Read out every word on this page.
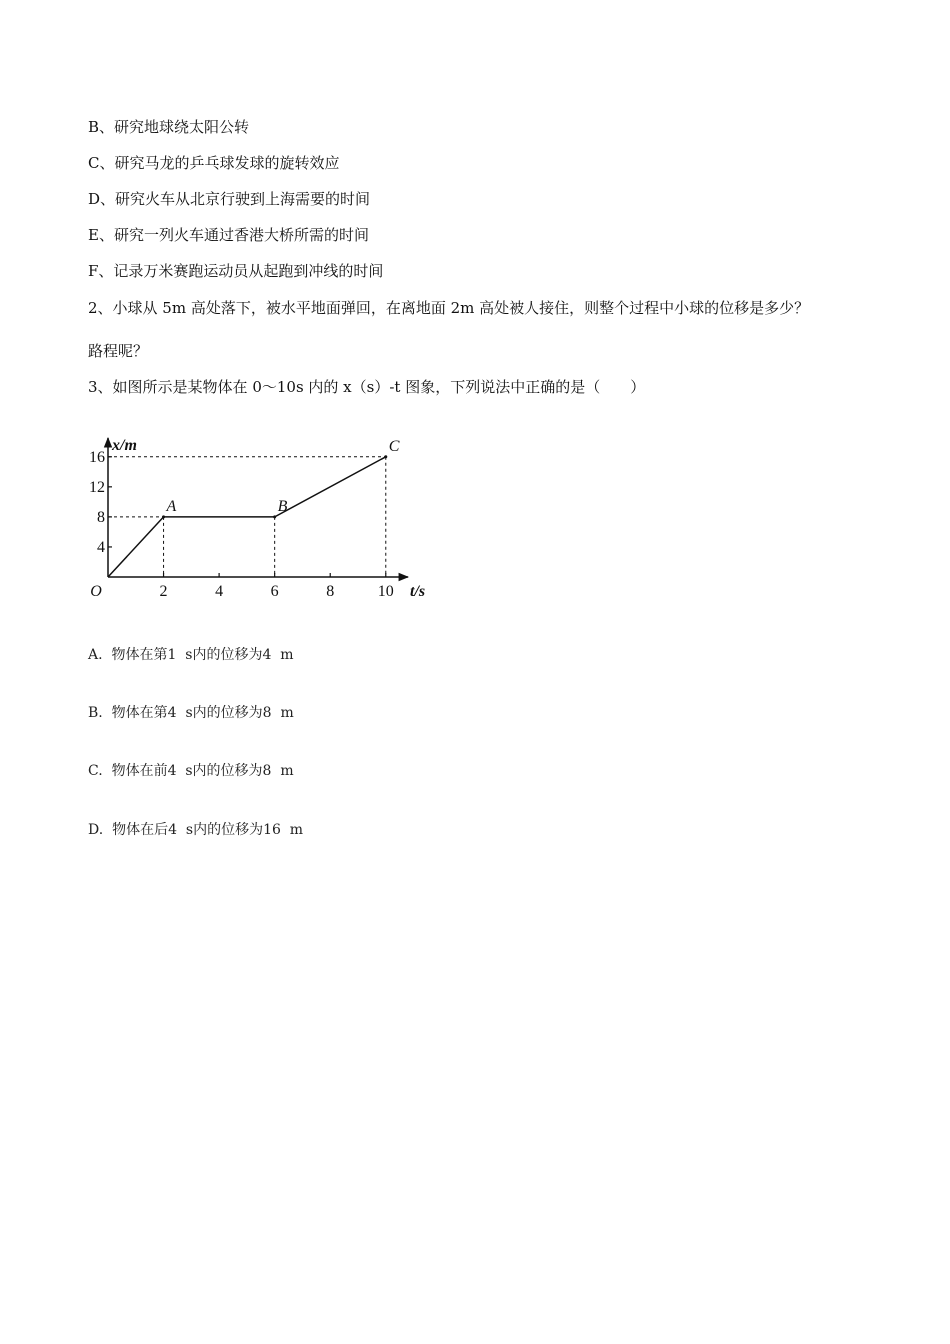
B、研究地球绕太阳公转
C、研究马龙的乒乓球发球的旋转效应
D、研究火车从北京行驶到上海需要的时间
E、研究一列火车通过香港大桥所需的时间
F、记录万米赛跑运动员从起跑到冲线的时间
2、小球从 5m 高处落下，被水平地面弹回，在离地面 2m 高处被人接住，则整个过程中小球的位移是多少？
路程呢？
3、如图所示是某物体在 0～10s 内的 x（s）-t 图象，下列说法中正确的是（　　）
2	4	6	8	10
4
8
12
16
O
x/m
t/s
A	B
C
A.  物体在第1  s内的位移为4  m
B.  物体在第4  s内的位移为8  m
C.  物体在前4  s内的位移为8  m
D.  物体在后4  s内的位移为16  m
